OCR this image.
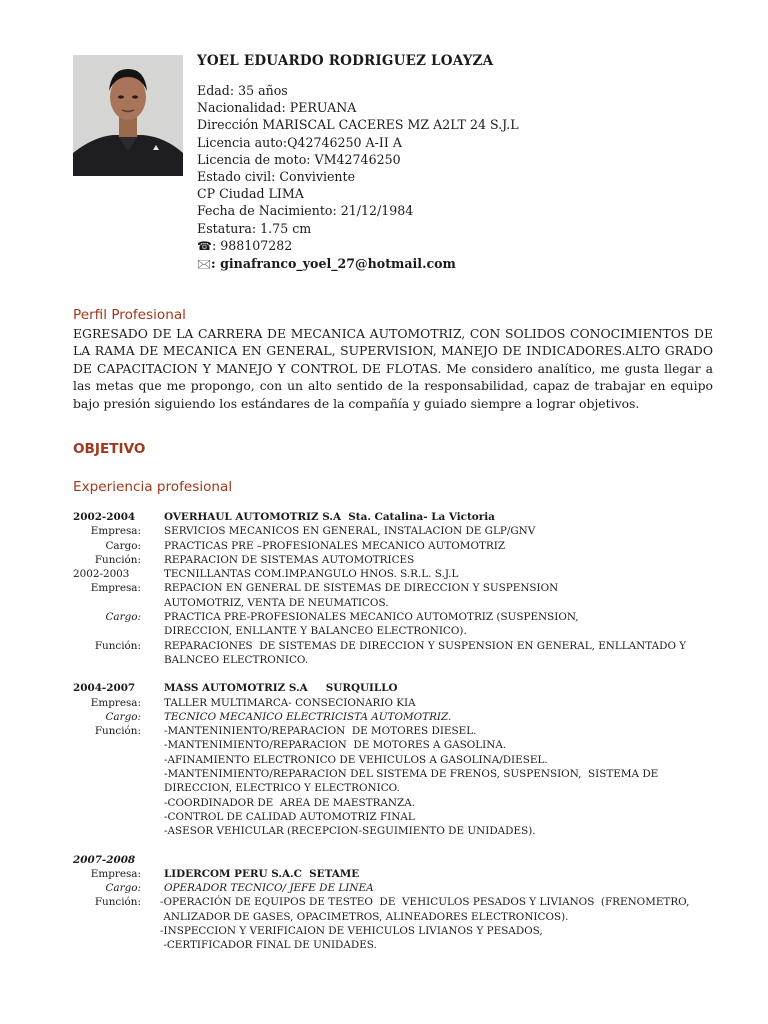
YOEL EDUARDO RODRIGUEZ LOAYZA
Edad: 35 años
Nacionalidad: PERUANA
Dirección MARISCAL CACERES MZ A2LT 24 S.J.L
Licencia auto:Q42746250 A-II A
Licencia de moto: VM42746250
Estado civil: Conviviente
CP Ciudad LIMA
Fecha de Nacimiento: 21/12/1984
Estatura: 1.75 cm
☎: 988107282
🖂: ginafranco_yoel_27@hotmail.com
Perfil Profesional

EGRESADO DE LA CARRERA DE MECANICA AUTOMOTRIZ, CON SOLIDOS CONOCIMIENTOS DE LA RAMA DE MECANICA EN GENERAL, SUPERVISION, MANEJO DE INDICADORES.ALTO GRADO DE CAPACITACION Y MANEJO Y CONTROL DE FLOTAS. Me considero analítico, me gusta llegar a las metas que me propongo, con un alto sentido de la responsabilidad, capaz de trabajar en equipo bajo presión siguiendo los estándares de la compañía y guiado siempre a lograr objetivos.

OBJETIVO
Experiencia profesional
2002-2004	OVERHAUL AUTOMOTRIZ S.A  Sta. Catalina- La Victoria
Empresa: SERVICIOS MECANICOS EN GENERAL, INSTALACION DE GLP/GNV
Cargo: PRACTICAS PRE –PROFESIONALES MECANICO AUTOMOTRIZ
Función: REPARACION DE SISTEMAS AUTOMOTRICES
2002-2003	TECNILLANTAS COM.IMP.ANGULO HNOS. S.R.L. S.J.L
Empresa: REPACION EN GENERAL DE SISTEMAS DE DIRECCION Y SUSPENSION
AUTOMOTRIZ, VENTA DE NEUMATICOS.
Cargo: PRACTICA PRE-PROFESIONALES MECANICO AUTOMOTRIZ (SUSPENSION,
DIRECCION, ENLLANTE Y BALANCEO ELECTRONICO).
Función: REPARACIONES  DE SISTEMAS DE DIRECCION Y SUSPENSION EN GENERAL, ENLLANTADO Y
BALNCEO ELECTRONICO.
2004-2007	MASS AUTOMOTRIZ S.A     SURQUILLO
Empresa: TALLER MULTIMARCA- CONSECIONARIO KIA
Cargo: TECNICO MECANICO ELECTRICISTA AUTOMOTRIZ.
Función: -MANTENINIENTO/REPARACION  DE MOTORES DIESEL.
-MANTENIMIENTO/REPARACION  DE MOTORES A GASOLINA.
-AFINAMIENTO ELECTRONICO DE VEHICULOS A GASOLINA/DIESEL.
-MANTENIMIENTO/REPARACION DEL SISTEMA DE FRENOS, SUSPENSION,  SISTEMA DE
DIRECCION, ELECTRICO Y ELECTRONICO.
-COORDINADOR DE  AREA DE MAESTRANZA.
-CONTROL DE CALIDAD AUTOMOTRIZ FINAL
-ASESOR VEHICULAR (RECEPCION-SEGUIMIENTO DE UNIDADES).
2007-2008
Empresa: LIDERCOM PERU S.A.C  SETAME
Cargo: OPERADOR TECNICO/ JEFE DE LINEA
Función: -OPERACIÓN DE EQUIPOS DE TESTEO  DE  VEHICULOS PESADOS Y LIVIANOS  (FRENOMETRO,
ANLIZADOR DE GASES, OPACIMETROS, ALINEADORES ELECTRONICOS).
-INSPECCION Y VERIFICAION DE VEHICULOS LIVIANOS Y PESADOS,
-CERTIFICADOR FINAL DE UNIDADES.
